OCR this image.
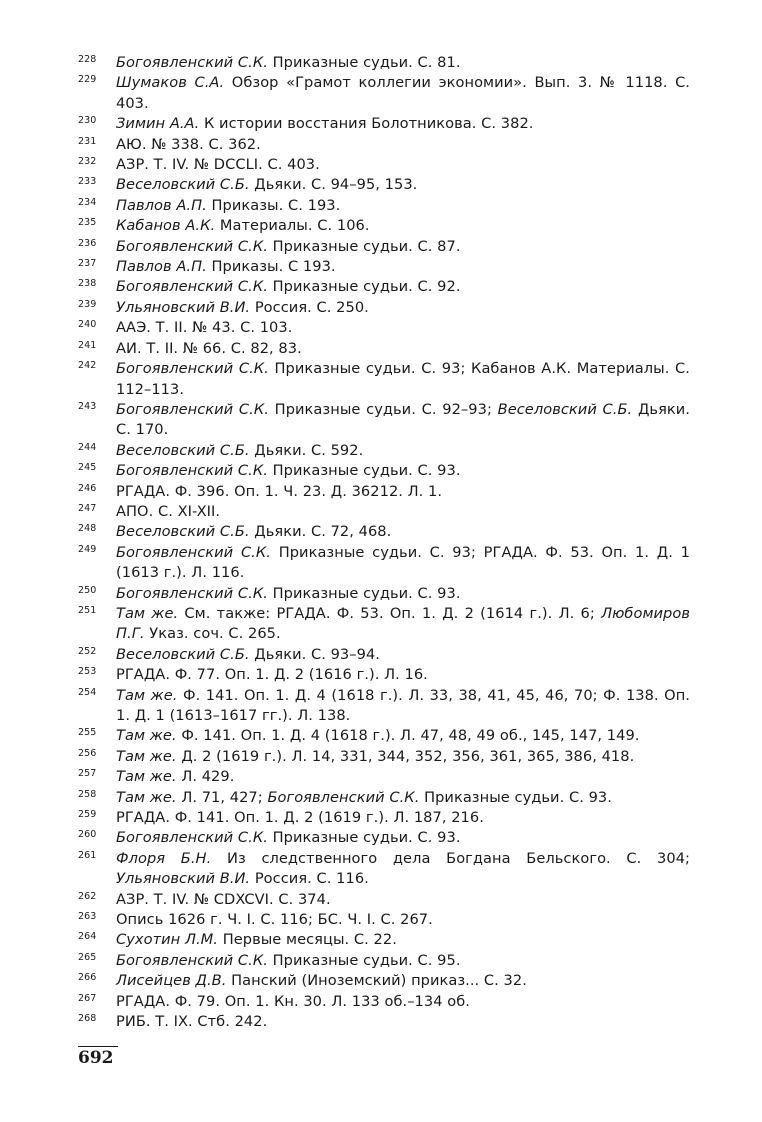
228 Богоявленский С.К. Приказные судьи. С. 81.
229 Шумаков С.А. Обзор «Грамот коллегии экономии». Вып. 3. № 1118. С. 403.
230 Зимин А.А. К истории восстания Болотникова. С. 382.
231 АЮ. № 338. С. 362.
232 АЗР. Т. IV. № DCCLI. С. 403.
233 Веселовский С.Б. Дьяки. С. 94–95, 153.
234 Павлов А.П. Приказы. С. 193.
235 Кабанов А.К. Материалы. С. 106.
236 Богоявленский С.К. Приказные судьи. С. 87.
237 Павлов А.П. Приказы. С 193.
238 Богоявленский С.К. Приказные судьи. С. 92.
239 Ульяновский В.И. Россия. С. 250.
240 ААЭ. Т. II. № 43. С. 103.
241 АИ. Т. II. № 66. С. 82, 83.
242 Богоявленский С.К. Приказные судьи. С. 93; Кабанов А.К. Материалы. С. 112–113.
243 Богоявленский С.К. Приказные судьи. С. 92–93; Веселовский С.Б. Дьяки. С. 170.
244 Веселовский С.Б. Дьяки. С. 592.
245 Богоявленский С.К. Приказные судьи. С. 93.
246 РГАДА. Ф. 396. Оп. 1. Ч. 23. Д. 36212. Л. 1.
247 АПО. С. XI-XII.
248 Веселовский С.Б. Дьяки. С. 72, 468.
249 Богоявленский С.К. Приказные судьи. С. 93; РГАДА. Ф. 53. Оп. 1. Д. 1 (1613 г.). Л. 116.
250 Богоявленский С.К. Приказные судьи. С. 93.
251 Там же. См. также: РГАДА. Ф. 53. Оп. 1. Д. 2 (1614 г.). Л. 6; Любомиров П.Г. Указ. соч. С. 265.
252 Веселовский С.Б. Дьяки. С. 93–94.
253 РГАДА. Ф. 77. Оп. 1. Д. 2 (1616 г.). Л. 16.
254 Там же. Ф. 141. Оп. 1. Д. 4 (1618 г.). Л. 33, 38, 41, 45, 46, 70; Ф. 138. Оп. 1. Д. 1 (1613–1617 гг.). Л. 138.
255 Там же. Ф. 141. Оп. 1. Д. 4 (1618 г.). Л. 47, 48, 49 об., 145, 147, 149.
256 Там же. Д. 2 (1619 г.). Л. 14, 331, 344, 352, 356, 361, 365, 386, 418.
257 Там же. Л. 429.
258 Там же. Л. 71, 427; Богоявленский С.К. Приказные судьи. С. 93.
259 РГАДА. Ф. 141. Оп. 1. Д. 2 (1619 г.). Л. 187, 216.
260 Богоявленский С.К. Приказные судьи. С. 93.
261 Флоря Б.Н. Из следственного дела Богдана Бельского. С. 304; Ульяновский В.И. Россия. С. 116.
262 АЗР. Т. IV. № CDXCVI. С. 374.
263 Опись 1626 г. Ч. I. С. 116; БС. Ч. I. С. 267.
264 Сухотин Л.М. Первые месяцы. С. 22.
265 Богоявленский С.К. Приказные судьи. С. 95.
266 Лисейцев Д.В. Панский (Иноземский) приказ... С. 32.
267 РГАДА. Ф. 79. Оп. 1. Кн. 30. Л. 133 об.–134 об.
268 РИБ. Т. IX. Стб. 242.
692
